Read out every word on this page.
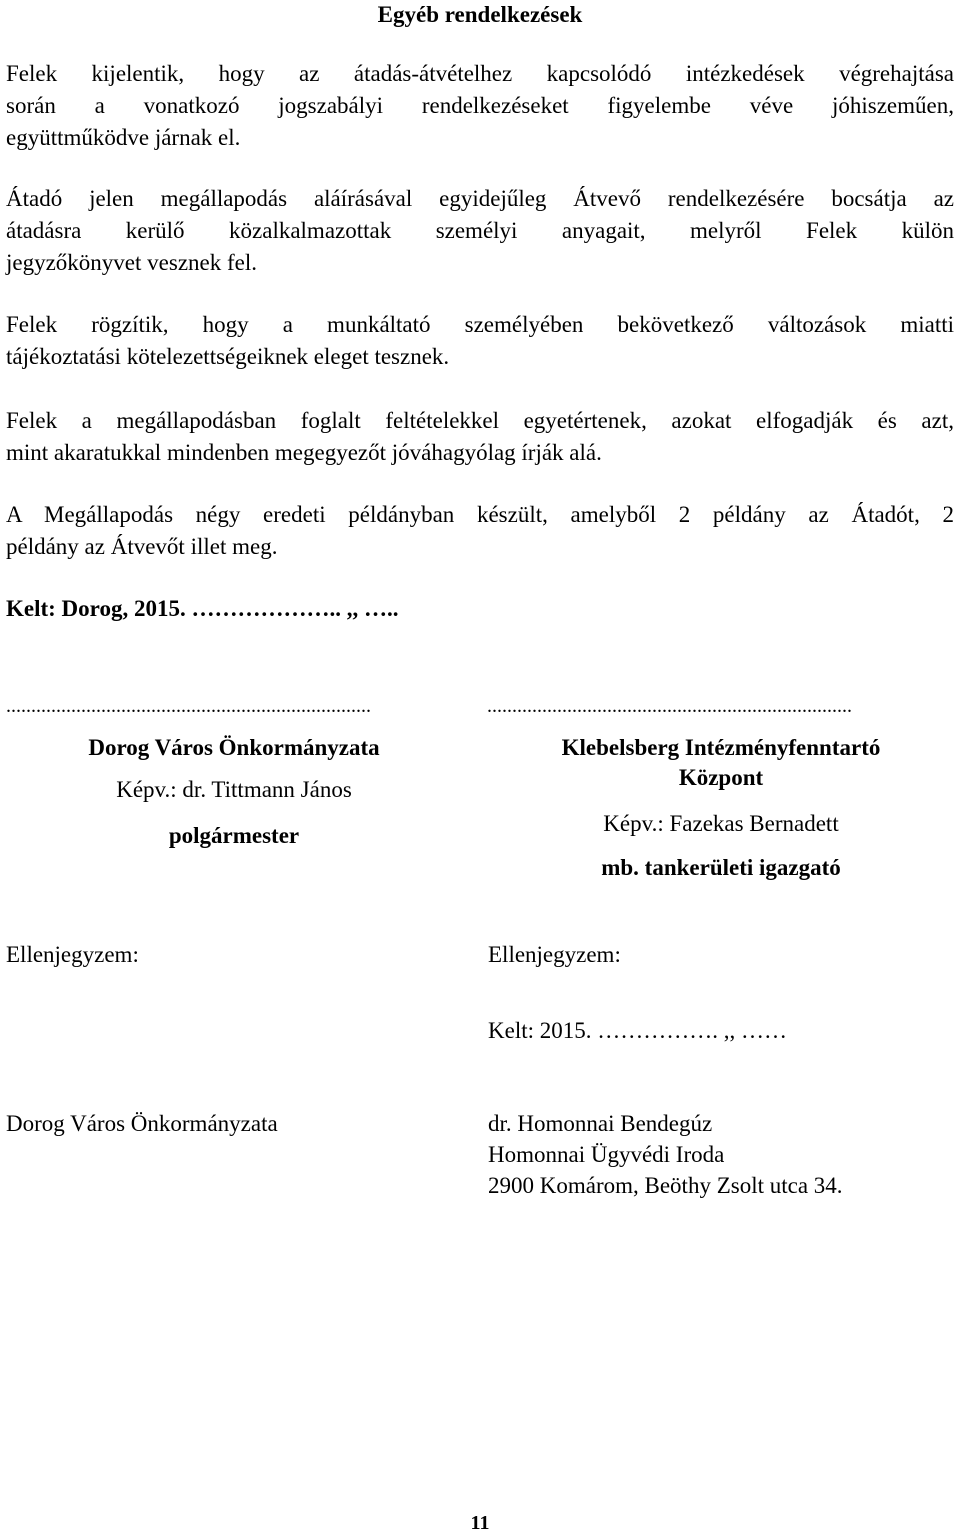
Egyéb rendelkezések
Felek kijelentik, hogy az átadás-átvételhez kapcsolódó intézkedések végrehajtása
során a vonatkozó jogszabályi rendelkezéseket figyelembe véve jóhiszeműen,
együttműködve járnak el.
Átadó jelen megállapodás aláírásával egyidejűleg Átvevő rendelkezésére bocsátja az
átadásra kerülő közalkalmazottak személyi anyagait, melyről Felek külön
jegyzőkönyvet vesznek fel.
Felek rögzítik, hogy a munkáltató személyében bekövetkező változások miatti
tájékoztatási kötelezettségeiknek eleget tesznek.
Felek a megállapodásban foglalt feltételekkel egyetértenek, azokat elfogadják és azt,
mint akaratukkal mindenben megegyezőt jóváhagyólag írják alá.
A Megállapodás négy eredeti példányban készült, amelyből 2 példány az Átadót, 2
példány az Átvevőt illet meg.
Kelt: Dorog, 2015. ……………….. ,, …..
.........................................................................
Dorog Város Önkormányzata
Képv.: dr. Tittmann János
polgármester
.........................................................................
Klebelsberg Intézményfenntartó
Központ
Képv.: Fazekas Bernadett
mb. tankerületi igazgató
Ellenjegyzem:	Ellenjegyzem:
Kelt: 2015. ……………. ,, ……
Dorog Város Önkormányzata	dr. Homonnai Bendegúz
Homonnai Ügyvédi Iroda
2900 Komárom, Beöthy Zsolt utca 34.
11
